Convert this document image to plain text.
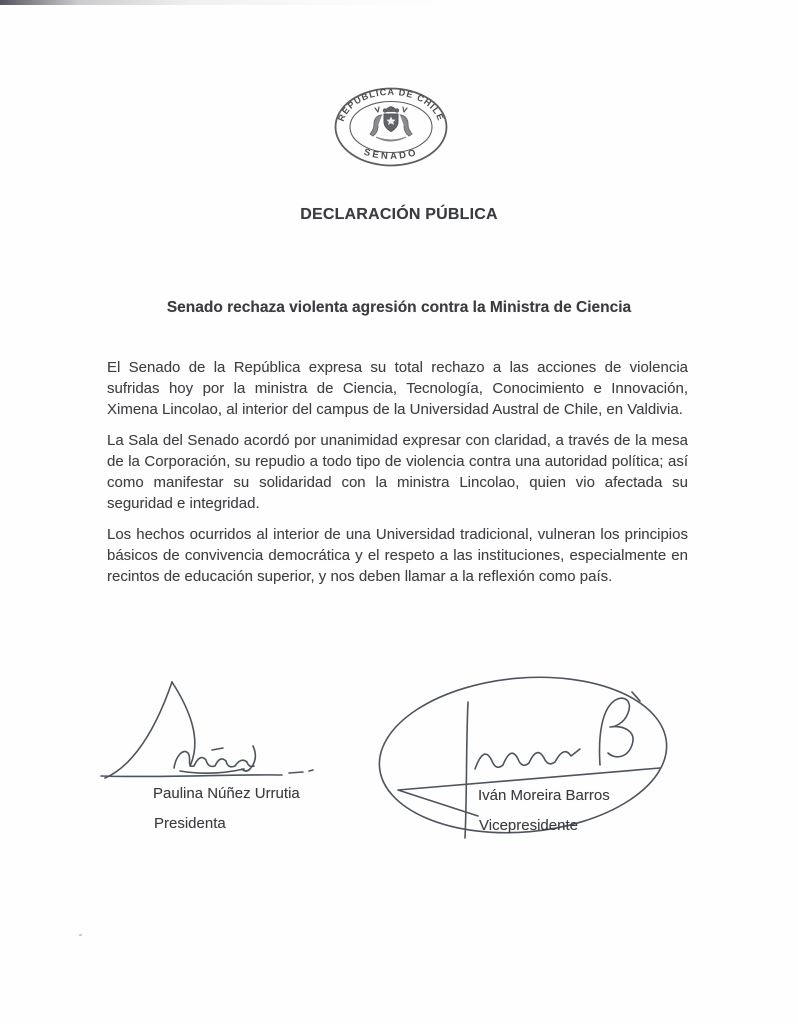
REPUBLICA DE CHILE
SENADO
DECLARACIÓN PÚBLICA
Senado rechaza violenta agresión contra la Ministra de Ciencia

El Senado de la República expresa su total rechazo a las acciones de violencia sufridas hoy por la ministra de Ciencia, Tecnología, Conocimiento e Innovación, Ximena Lincolao, al interior del campus de la Universidad Austral de Chile, en Valdivia.

La Sala del Senado acordó por unanimidad expresar con claridad, a través de la mesa de la Corporación, su repudio a todo tipo de violencia contra una autoridad política; así como manifestar su solidaridad con la ministra Lincolao, quien vio afectada su seguridad e integridad.

Los hechos ocurridos al interior de una Universidad tradicional, vulneran los principios básicos de convivencia democrática y el respeto a las instituciones, especialmente en recintos de educación superior, y nos deben llamar a la reflexión como país.

Paulina Núñez Urrutia
Presidenta
Iván Moreira Barros
Vicepresidente
